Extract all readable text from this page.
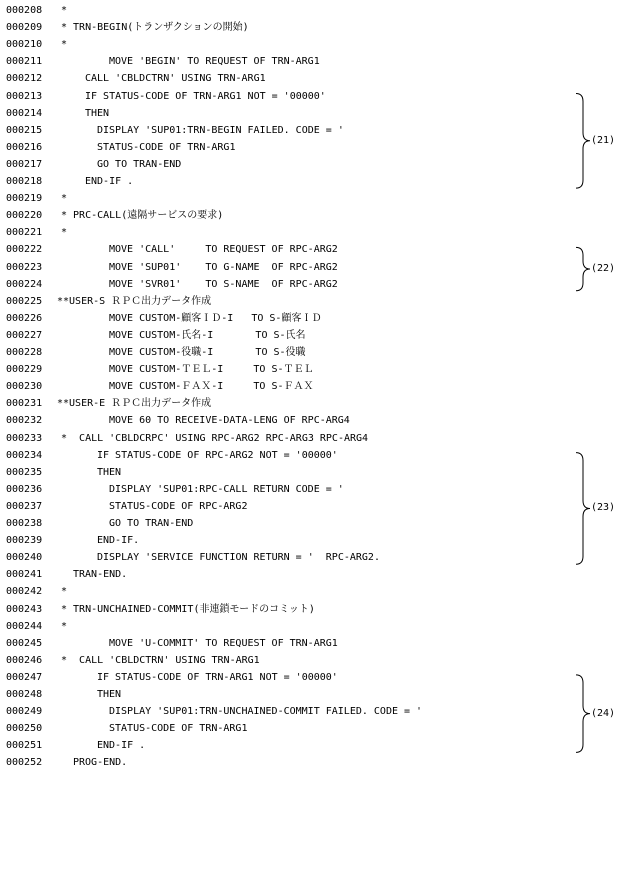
000208	*
000209	* TRN-BEGIN(トランザクションの開始)
000210	*
000211	MOVE 'BEGIN' TO REQUEST OF TRN-ARG1
000212	CALL 'CBLDCTRN' USING TRN-ARG1
000213	IF STATUS-CODE OF TRN-ARG1 NOT = '00000'
000214	THEN
000215	DISPLAY 'SUP01:TRN-BEGIN FAILED. CODE = '
000216	STATUS-CODE OF TRN-ARG1
000217	GO TO TRAN-END
000218	END-IF .
000219	*
000220	* PRC-CALL(遠隔サービスの要求)
000221	*
000222	MOVE 'CALL'     TO REQUEST OF RPC-ARG2
000223	MOVE 'SUP01'    TO G-NAME  OF RPC-ARG2
000224	MOVE 'SVR01'    TO S-NAME  OF RPC-ARG2
000225	**USER-S ＲＰＣ出力データ作成
000226	MOVE CUSTOM-顧客ＩＤ-I   TO S-顧客ＩＤ
000227	MOVE CUSTOM-氏名-I       TO S-氏名
000228	MOVE CUSTOM-役職-I       TO S-役職
000229	MOVE CUSTOM-ＴＥＬ-I     TO S-ＴＥＬ
000230	MOVE CUSTOM-ＦＡＸ-I     TO S-ＦＡＸ
000231	**USER-E ＲＰＣ出力データ作成
000232	MOVE 60 TO RECEIVE-DATA-LENG OF RPC-ARG4
000233	*  CALL 'CBLDCRPC' USING RPC-ARG2 RPC-ARG3 RPC-ARG4
000234	IF STATUS-CODE OF RPC-ARG2 NOT = '00000'
000235	THEN
000236	DISPLAY 'SUP01:RPC-CALL RETURN CODE = '
000237	STATUS-CODE OF RPC-ARG2
000238	GO TO TRAN-END
000239	END-IF.
000240	DISPLAY 'SERVICE FUNCTION RETURN = '  RPC-ARG2.
000241	TRAN-END.
000242	*
000243	* TRN-UNCHAINED-COMMIT(非連鎖モードのコミット)
000244	*
000245	MOVE 'U-COMMIT' TO REQUEST OF TRN-ARG1
000246	*  CALL 'CBLDCTRN' USING TRN-ARG1
000247	IF STATUS-CODE OF TRN-ARG1 NOT = '00000'
000248	THEN
000249	DISPLAY 'SUP01:TRN-UNCHAINED-COMMIT FAILED. CODE = '
000250	STATUS-CODE OF TRN-ARG1
000251	END-IF .
000252	PROG-END.
(21)
(22)
(23)
(24)
